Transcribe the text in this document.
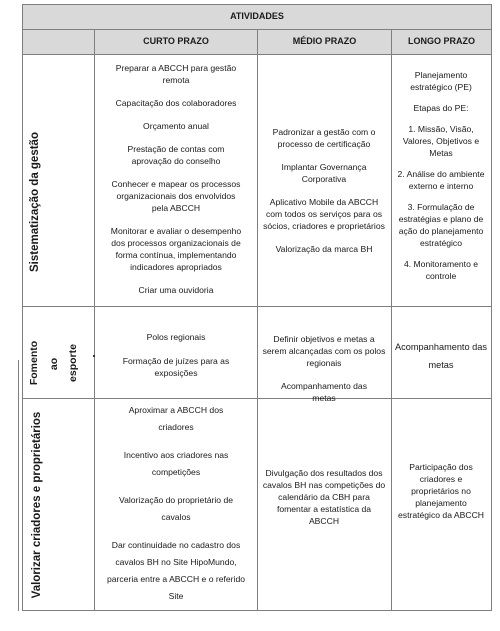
ATIVIDADES
CURTO PRAZO	MÉDIO PRAZO	LONGO PRAZO
Sistematização da gestão

Preparar a ABCCH para gestão remota

Capacitação dos colaboradores

Orçamento anual

Prestação de contas com aprovação do conselho

Conhecer e mapear os processos organizacionais dos envolvidos pela ABCCH

Monitorar e avaliar o desempenho dos processos organizacionais de forma contínua, implementando indicadores apropriados

Criar uma ouvidoria

Padronizar a gestão com o processo de certificação

Implantar Governança Corporativa

Aplicativo Mobile da ABCCH com todos os serviços para os sócios, criadores e proprietários

Valorização da marca BH

Planejamento estratégico (PE)

Etapas do PE:

1. Missão, Visão, Valores, Objetivos e Metas

2. Análise do ambiente externo e interno

3. Formulação de estratégias e plano de ação do planejamento estratégico

4. Monitoramento e controle

Fomento ao esporte

Polos regionais

Formação de juízes para as exposições

Definir objetivos e metas a serem alcançadas com os polos regionais

Acompanhamento das metas

Acompanhamento das metas

Valorizar criadores e proprietários

Aproximar a ABCCH dos criadores

Incentivo aos criadores nas competições

Valorização do proprietário de cavalos

Dar continuidade no cadastro dos cavalos BH no Site HipoMundo, parceria entre a ABCCH e o referido Site

Divulgação dos resultados dos cavalos BH nas competições do calendário da CBH para fomentar a estatística da ABCCH

Participação dos criadores e proprietários no planejamento estratégico da ABCCH
